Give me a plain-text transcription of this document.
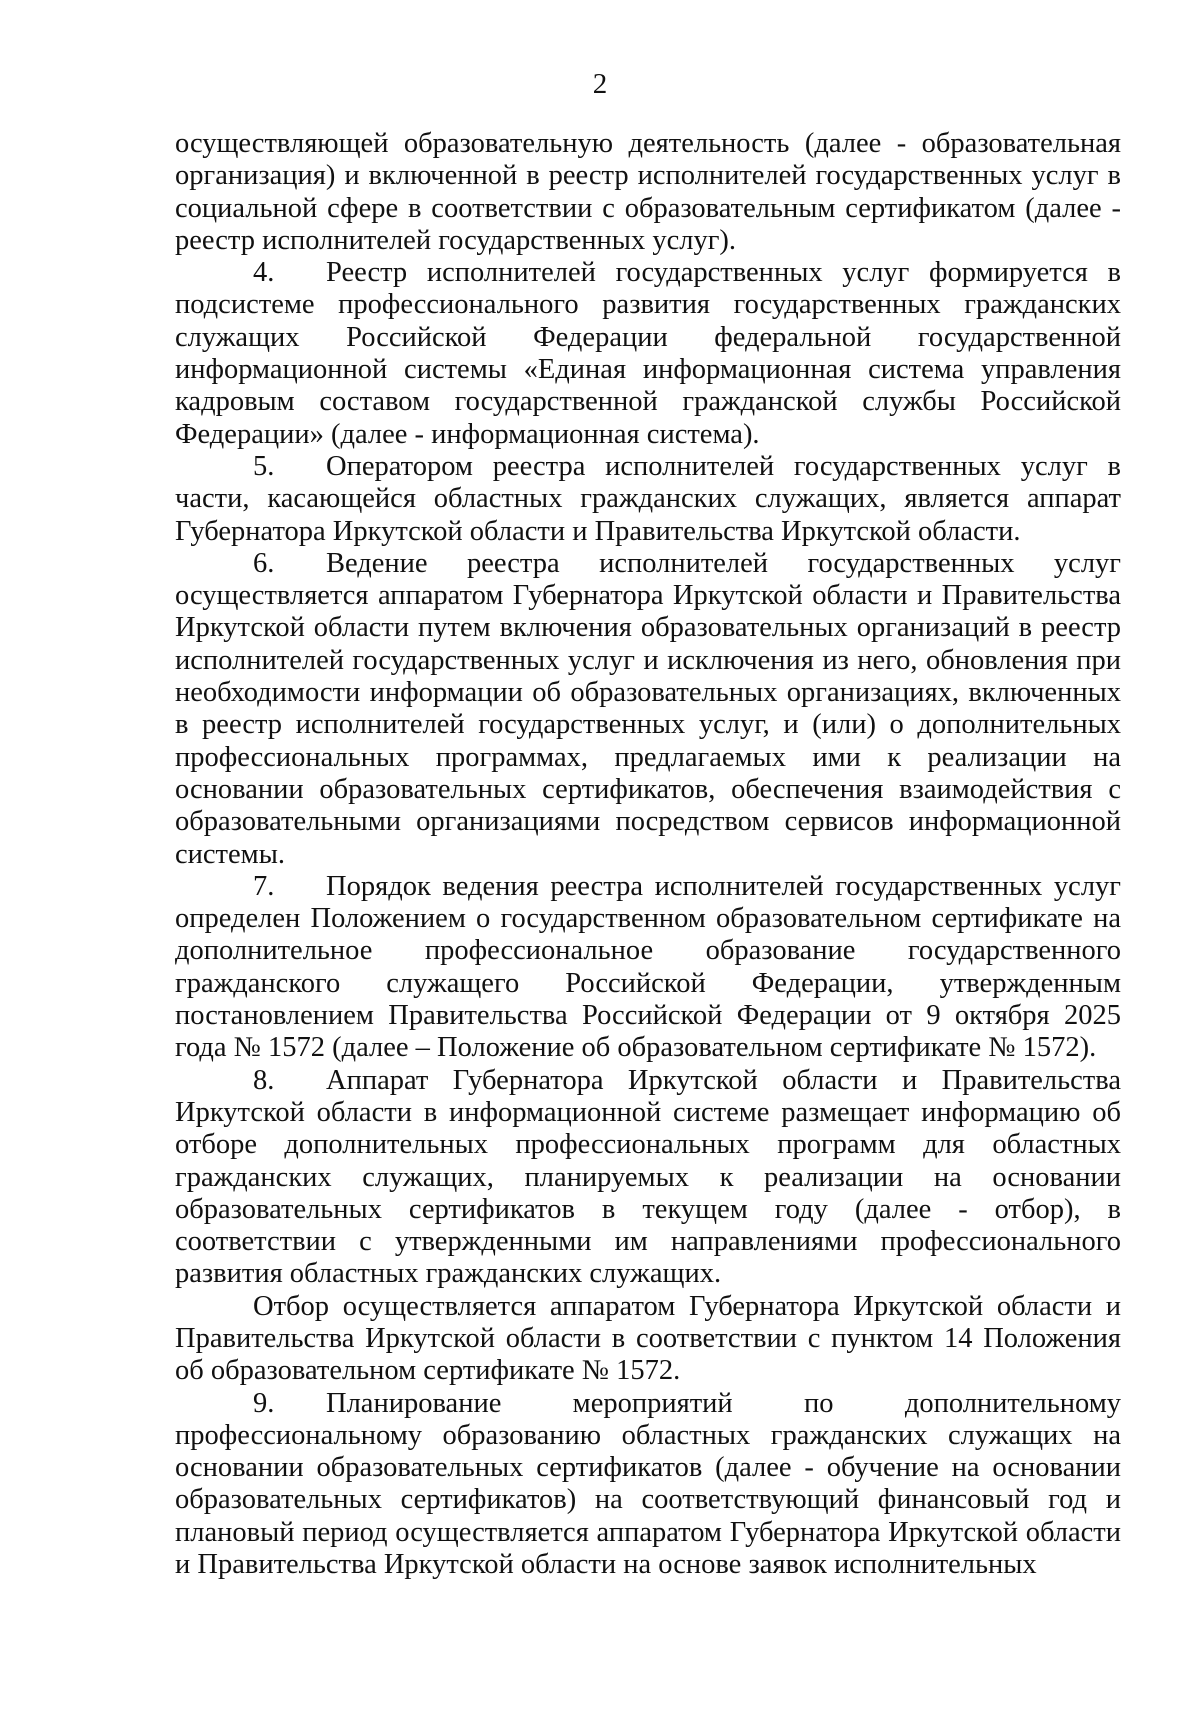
2

осуществляющей образовательную деятельность (далее - образовательная организация) и включенной в реестр исполнителей государственных услуг в социальной сфере в соответствии с образовательным сертификатом (далее - реестр исполнителей государственных услуг).

4. Реестр исполнителей государственных услуг формируется в подсистеме профессионального развития государственных гражданских служащих Российской Федерации федеральной государственной информационной системы «Единая информационная система управления кадровым составом государственной гражданской службы Российской Федерации» (далее - информационная система).

5. Оператором реестра исполнителей государственных услуг в части, касающейся областных гражданских служащих, является аппарат Губернатора Иркутской области и Правительства Иркутской области.

6. Ведение реестра исполнителей государственных услуг осуществляется аппаратом Губернатора Иркутской области и Правительства Иркутской области путем включения образовательных организаций в реестр исполнителей государственных услуг и исключения из него, обновления при необходимости информации об образовательных организациях, включенных в реестр исполнителей государственных услуг, и (или) о дополнительных профессиональных программах, предлагаемых ими к реализации на основании образовательных сертификатов, обеспечения взаимодействия с образовательными организациями посредством сервисов информационной системы.

7. Порядок ведения реестра исполнителей государственных услуг определен Положением о государственном образовательном сертификате на дополнительное профессиональное образование государственного гражданского служащего Российской Федерации, утвержденным постановлением Правительства Российской Федерации от 9 октября 2025 года № 1572 (далее – Положение об образовательном сертификате № 1572).

8. Аппарат Губернатора Иркутской области и Правительства Иркутской области в информационной системе размещает информацию об отборе дополнительных профессиональных программ для областных гражданских служащих, планируемых к реализации на основании образовательных сертификатов в текущем году (далее - отбор), в соответствии с утвержденными им направлениями профессионального развития областных гражданских служащих.

Отбор осуществляется аппаратом Губернатора Иркутской области и Правительства Иркутской области в соответствии с пунктом 14 Положения об образовательном сертификате № 1572.

9. Планирование мероприятий по дополнительному профессиональному образованию областных гражданских служащих на основании образовательных сертификатов (далее - обучение на основании образовательных сертификатов) на соответствующий финансовый год и плановый период осуществляется аппаратом Губернатора Иркутской области и Правительства Иркутской области на основе заявок исполнительных
